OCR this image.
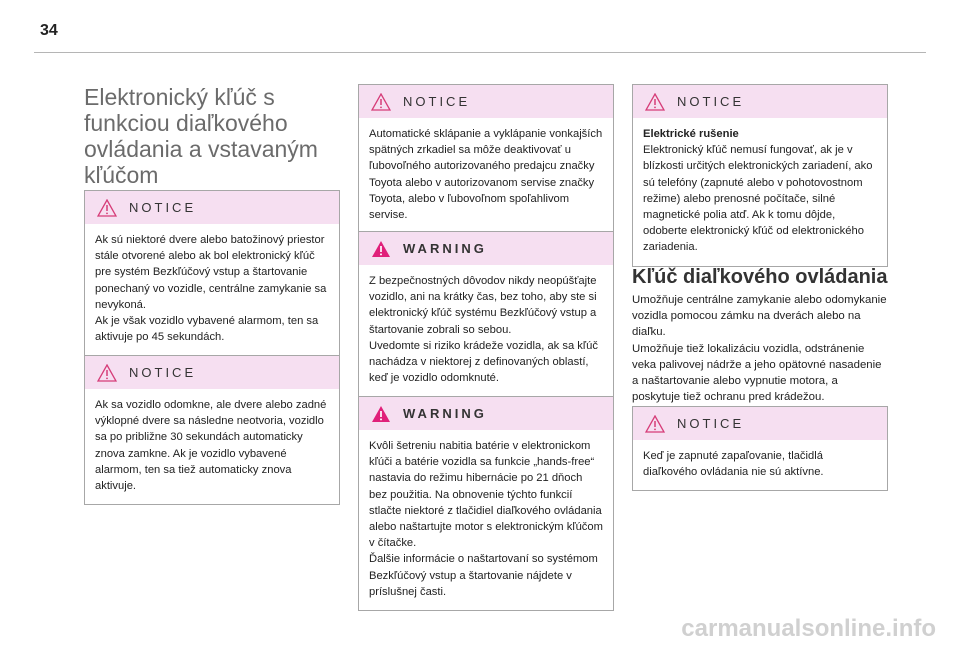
34
Elektronický kľúč s funkciou diaľkového ovládania a vstavaným kľúčom
NOTICE

Ak sú niektoré dvere alebo batožinový priestor stále otvorené alebo ak bol elektronický kľúč pre systém Bezkľúčový vstup a štartovanie ponechaný vo vozidle, centrálne zamykanie sa nevykoná.

Ak je však vozidlo vybavené alarmom, ten sa aktivuje po 45 sekundách.

NOTICE

Ak sa vozidlo odomkne, ale dvere alebo zadné výklopné dvere sa následne neotvoria, vozidlo sa po približne 30 sekundách automaticky znova zamkne. Ak je vozidlo vybavené alarmom, ten sa tiež automaticky znova aktivuje.

NOTICE

Automatické sklápanie a vyklápanie vonkajších spätných zrkadiel sa môže deaktivovať u ľubovoľného autorizovaného predajcu značky Toyota alebo v autorizovanom servise značky Toyota, alebo v ľubovoľnom spoľahlivom servise.

WARNING

Z bezpečnostných dôvodov nikdy neopúšťajte vozidlo, ani na krátky čas, bez toho, aby ste si elektronický kľúč systému Bezkľúčový vstup a štartovanie zobrali so sebou.

Uvedomte si riziko krádeže vozidla, ak sa kľúč nachádza v niektorej z definovaných oblastí, keď je vozidlo odomknuté.

WARNING

Kvôli šetreniu nabitia batérie v elektronickom kľúči a batérie vozidla sa funkcie „hands-free“ nastavia do režimu hibernácie po 21 dňoch bez použitia. Na obnovenie týchto funkcií stlačte niektoré z tlačidiel diaľkového ovládania alebo naštartujte motor s elektronickým kľúčom v čítačke.

Ďalšie informácie o naštartovaní so systémom Bezkľúčový vstup a štartovanie nájdete v príslušnej časti.

NOTICE

Elektrické rušenie

Elektronický kľúč nemusí fungovať, ak je v blízkosti určitých elektronických zariadení, ako sú telefóny (zapnuté alebo v pohotovostnom režime) alebo prenosné počítače, silné magnetické polia atď. Ak k tomu dôjde, odoberte elektronický kľúč od elektronického zariadenia.

Kľúč diaľkového ovládania

Umožňuje centrálne zamykanie alebo odomykanie vozidla pomocou zámku na dverách alebo na diaľku.

Umožňuje tiež lokalizáciu vozidla, odstránenie veka palivovej nádrže a jeho opätovné nasadenie a naštartovanie alebo vypnutie motora, a poskytuje tiež ochranu pred krádežou.

NOTICE

Keď je zapnuté zapaľovanie, tlačidlá diaľkového ovládania nie sú aktívne.

carmanualsonline.info
